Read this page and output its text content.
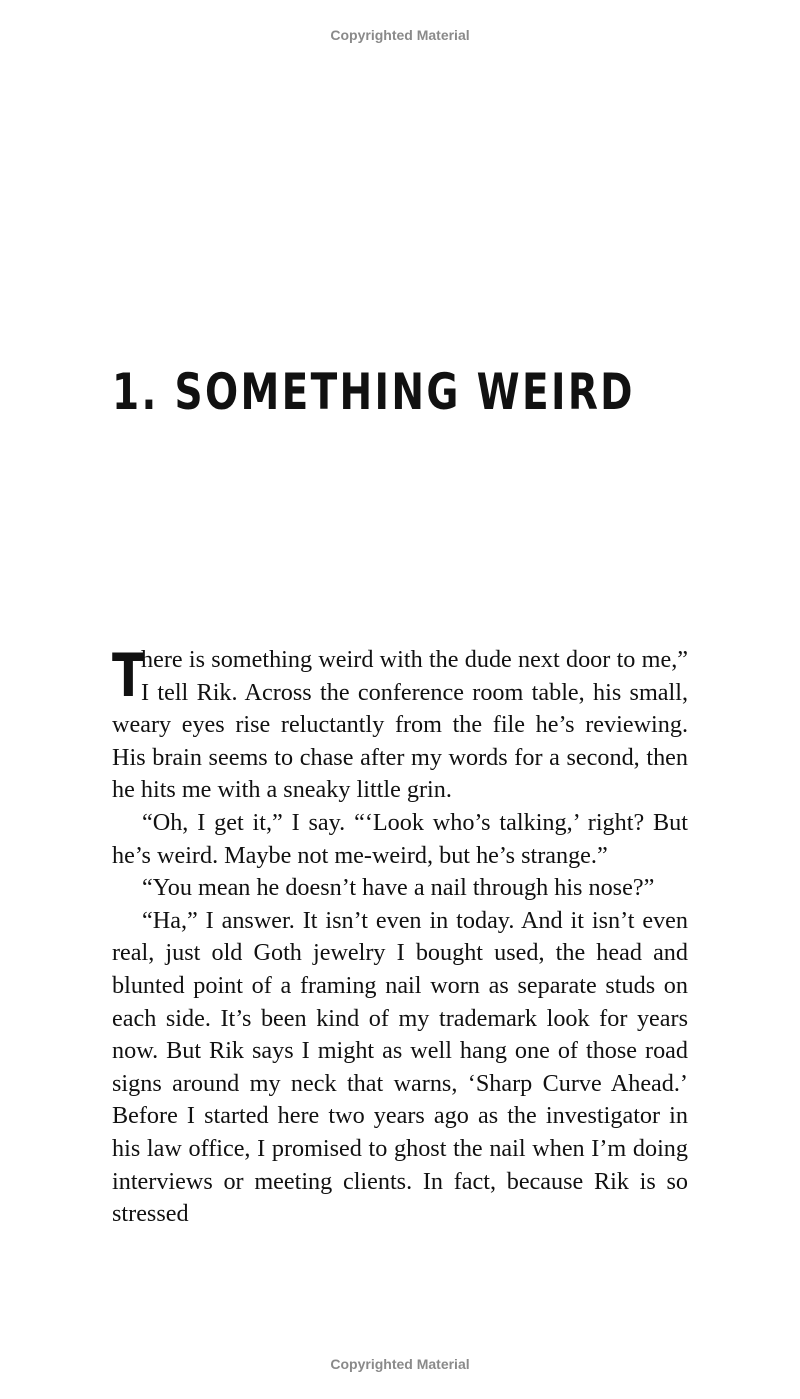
Copyrighted Material
1. SOMETHING WEIRD

T
here is something weird with the dude next door to me,” I tell Rik. Across the conference room table, his small, weary eyes rise reluctantly from the file he’s reviewing. His brain seems to chase after my words for a second, then he hits me with a sneaky little grin.

“Oh, I get it,” I say. “‘Look who’s talking,’ right? But he’s weird. Maybe not me-weird, but he’s strange.”

“You mean he doesn’t have a nail through his nose?”

“Ha,” I answer. It isn’t even in today. And it isn’t even real, just old Goth jewelry I bought used, the head and blunted point of a framing nail worn as separate studs on each side. It’s been kind of my trademark look for years now. But Rik says I might as well hang one of those road signs around my neck that warns, ‘Sharp Curve Ahead.’ Before I started here two years ago as the investigator in his law office, I promised to ghost the nail when I’m doing interviews or meeting clients. In fact, because Rik is so stressed

Copyrighted Material
